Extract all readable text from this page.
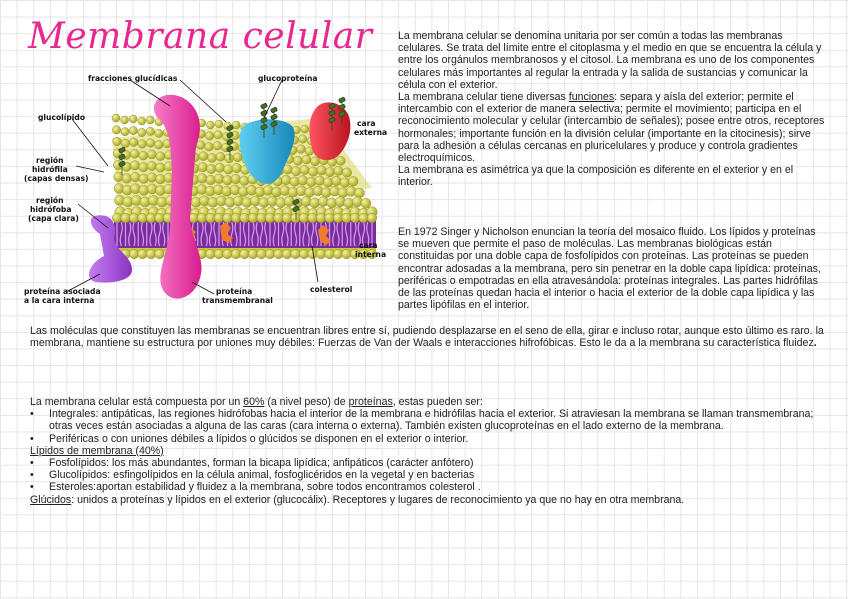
Membrana celular
fracciones glucídicas	glucoproteína
glucolípido
cara
externa
región
hidrófila
(capas densas)
región
hidrófoba
(capa clara)
cara
interna
colesterol
proteína asociada
a la cara interna
proteína
transmembranal

La membrana celular se denomina unitaria por ser común a todas las membranas celulares. Se trata del límite entre el citoplasma y el medio en que se encuentra la célula y entre los orgánulos membranosos y el citosol. La membrana es uno de los componentes celulares más importantes al regular la entrada y la salida de sustancias y comunicar la célula con el exterior.

La membrana celular tiene diversas funciones: separa y aísla del exterior; permite el intercambio con el exterior de manera selectiva; permite el movimiento; participa en el reconocimiento molecular y celular (intercambio de señales); posee entre otros, receptores hormonales; importante función en la división celular (importante en la citocinesis); sirve para la adhesión a células cercanas en pluricelulares y produce y controla gradientes electroquímicos.

La membrana es asimétrica ya que la composición es diferente en el exterior y en el interior.

En 1972 Singer y Nicholson enuncian la teoría del mosaico fluido. Los lípidos y proteínas se mueven que permite el paso de moléculas. Las membranas biológicas están constituidas por una doble capa de fosfolípidos con proteínas. Las proteínas se pueden encontrar adosadas a la membrana, pero sin penetrar en la doble capa lipídica: proteínas, periféricas o empotradas en ella atravesándola: proteínas integrales. Las partes hidrófilas de las proteínas quedan hacia el interior o hacia el exterior de la doble capa lipídica y las partes lipófilas en el interior.

Las moléculas que constituyen las membranas se encuentran libres entre sí, pudiendo desplazarse en el seno de ella, girar e incluso rotar, aunque esto último es raro. la membrana, mantiene su estructura por uniones muy débiles: Fuerzas de Van der Waals e interacciones hifrofóbicas. Esto le da a la membrana su característica fluidez.

La membrana celular está compuesta por un 60% (a nivel peso) de proteínas, estas pueden ser:

• Integrales: antipáticas, las regiones hidrófobas hacia el interior de la membrana e hidrófilas hacia el exterior. Si atraviesan la membrana se llaman transmembrana; otras veces están asociadas a alguna de las caras (cara interna o externa). También existen glucoproteínas en el lado externo de la membrana.
• Periféricas o con uniones débiles a lípidos o glúcidos se disponen en el exterior o interior.

Lípidos de membrana (40%)

• Fosfolípidos: los más abundantes, forman la bicapa lipídica; anfipáticos (carácter anfótero)
• Glucolípidos: esfingolípidos en la célula animal, fosfoglicéridos en la vegetal y en bacterias
• Esteroles:aportan estabilidad y fluidez a la membrana, sobre todos encontramos colesterol .

Glúcidos: unidos a proteínas y lípidos en el exterior (glucocálix). Receptores y lugares de reconocimiento ya que no hay en otra membrana.
